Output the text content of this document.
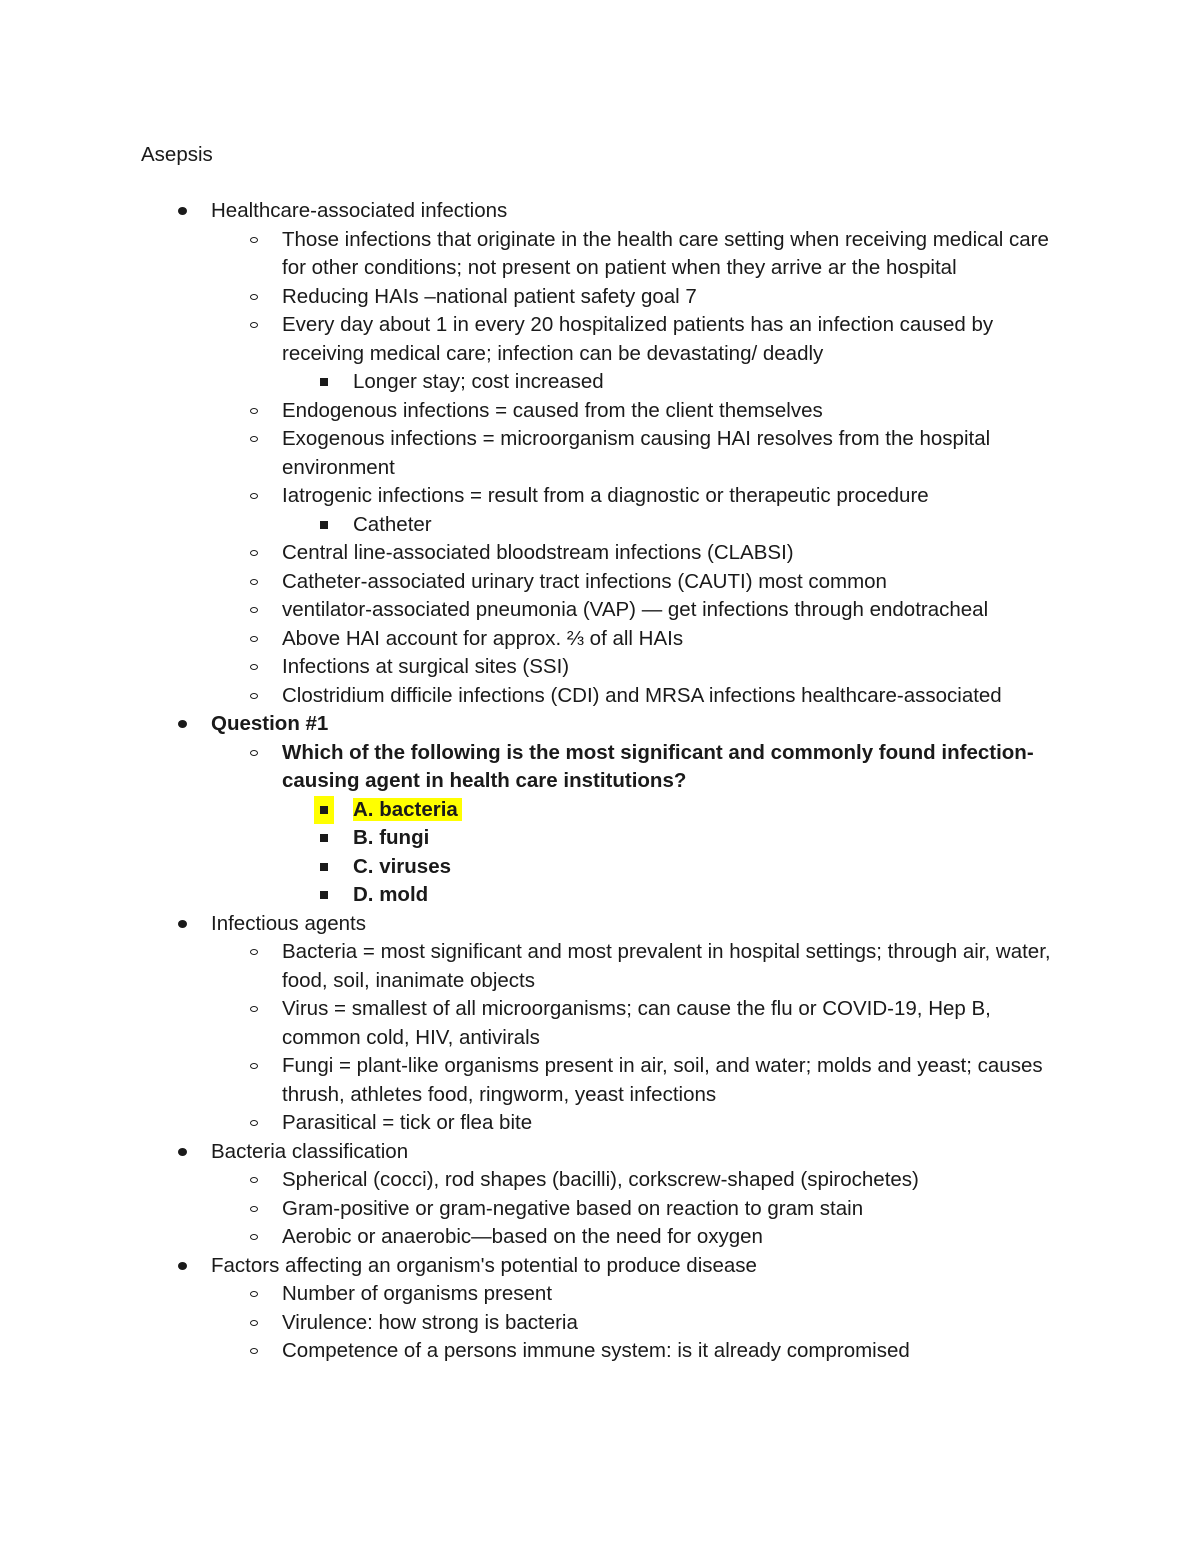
Asepsis
Healthcare-associated infections
Those infections that originate in the health care setting when receiving medical care for other conditions; not present on patient when they arrive ar the hospital
Reducing HAIs –national patient safety goal 7
Every day about 1 in every 20 hospitalized patients has an infection caused by receiving medical care; infection can be devastating/ deadly
Longer stay; cost increased
Endogenous infections = caused from the client themselves
Exogenous infections = microorganism causing HAI resolves from the hospital environment
Iatrogenic infections = result from a diagnostic or therapeutic procedure
Catheter
Central line-associated bloodstream infections (CLABSI)
Catheter-associated urinary tract infections (CAUTI) most common
ventilator-associated pneumonia (VAP) — get infections through endotracheal
Above HAI account for approx. ⅔ of all HAIs
Infections at surgical sites (SSI)
Clostridium difficile infections (CDI) and MRSA infections healthcare-associated
Question #1
Which of the following is the most significant and commonly found infection-causing agent in health care institutions?
A. bacteria
B. fungi
C. viruses
D. mold
Infectious agents
Bacteria = most significant and most prevalent in hospital settings; through air, water, food, soil, inanimate objects
Virus = smallest of all microorganisms; can cause the flu or COVID-19, Hep B, common cold, HIV, antivirals
Fungi = plant-like organisms present in air, soil, and water; molds and yeast; causes thrush, athletes food, ringworm, yeast infections
Parasitical = tick or flea bite
Bacteria classification
Spherical (cocci), rod shapes (bacilli), corkscrew-shaped (spirochetes)
Gram-positive or gram-negative based on reaction to gram stain
Aerobic or anaerobic—based on the need for oxygen
Factors affecting an organism's potential to produce disease
Number of organisms present
Virulence: how strong is bacteria
Competence of a persons immune system: is it already compromised
